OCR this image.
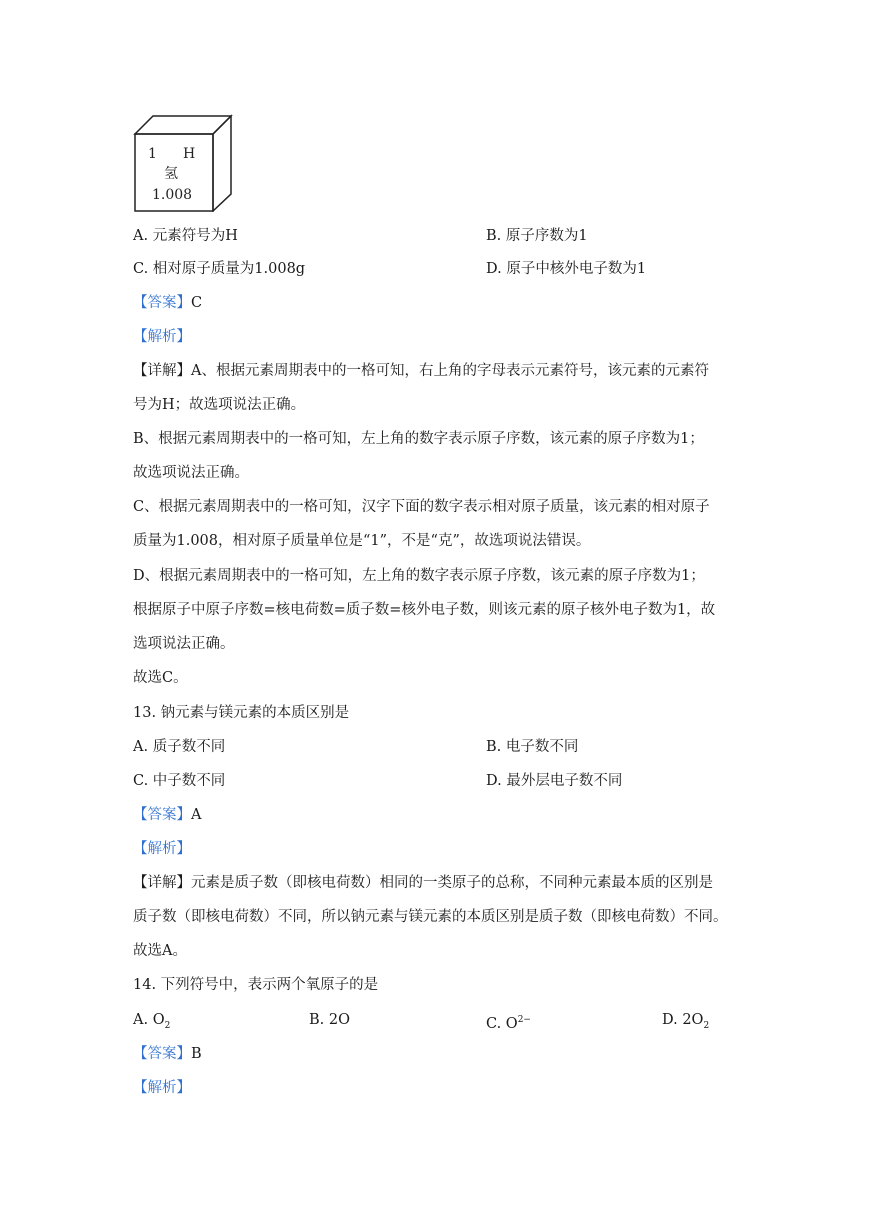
1 H
氢
1.008
A. 元素符号为H	B. 原子序数为1
C. 相对原子质量为1.008g	D. 原子中核外电子数为1
【答案】C
【解析】
【详解】A、根据元素周期表中的一格可知，右上角的字母表示元素符号，该元素的元素符
号为H；故选项说法正确。
B、根据元素周期表中的一格可知，左上角的数字表示原子序数，该元素的原子序数为1；
故选项说法正确。
C、根据元素周期表中的一格可知，汉字下面的数字表示相对原子质量，该元素的相对原子
质量为1.008，相对原子质量单位是“1”，不是“克”，故选项说法错误。
D、根据元素周期表中的一格可知，左上角的数字表示原子序数，该元素的原子序数为1；
根据原子中原子序数=核电荷数=质子数=核外电子数，则该元素的原子核外电子数为1，故
选项说法正确。
故选C。
13. 钠元素与镁元素的本质区别是
A. 质子数不同	B. 电子数不同
C. 中子数不同	D. 最外层电子数不同
【答案】A
【解析】
【详解】元素是质子数（即核电荷数）相同的一类原子的总称，不同种元素最本质的区别是
质子数（即核电荷数）不同，所以钠元素与镁元素的本质区别是质子数（即核电荷数）不同。
故选A。
14. 下列符号中，表示两个氧原子的是
A. $O_2$	B. 2O	C. $O^{2-}$	D. $2O_2$
【答案】B
【解析】
